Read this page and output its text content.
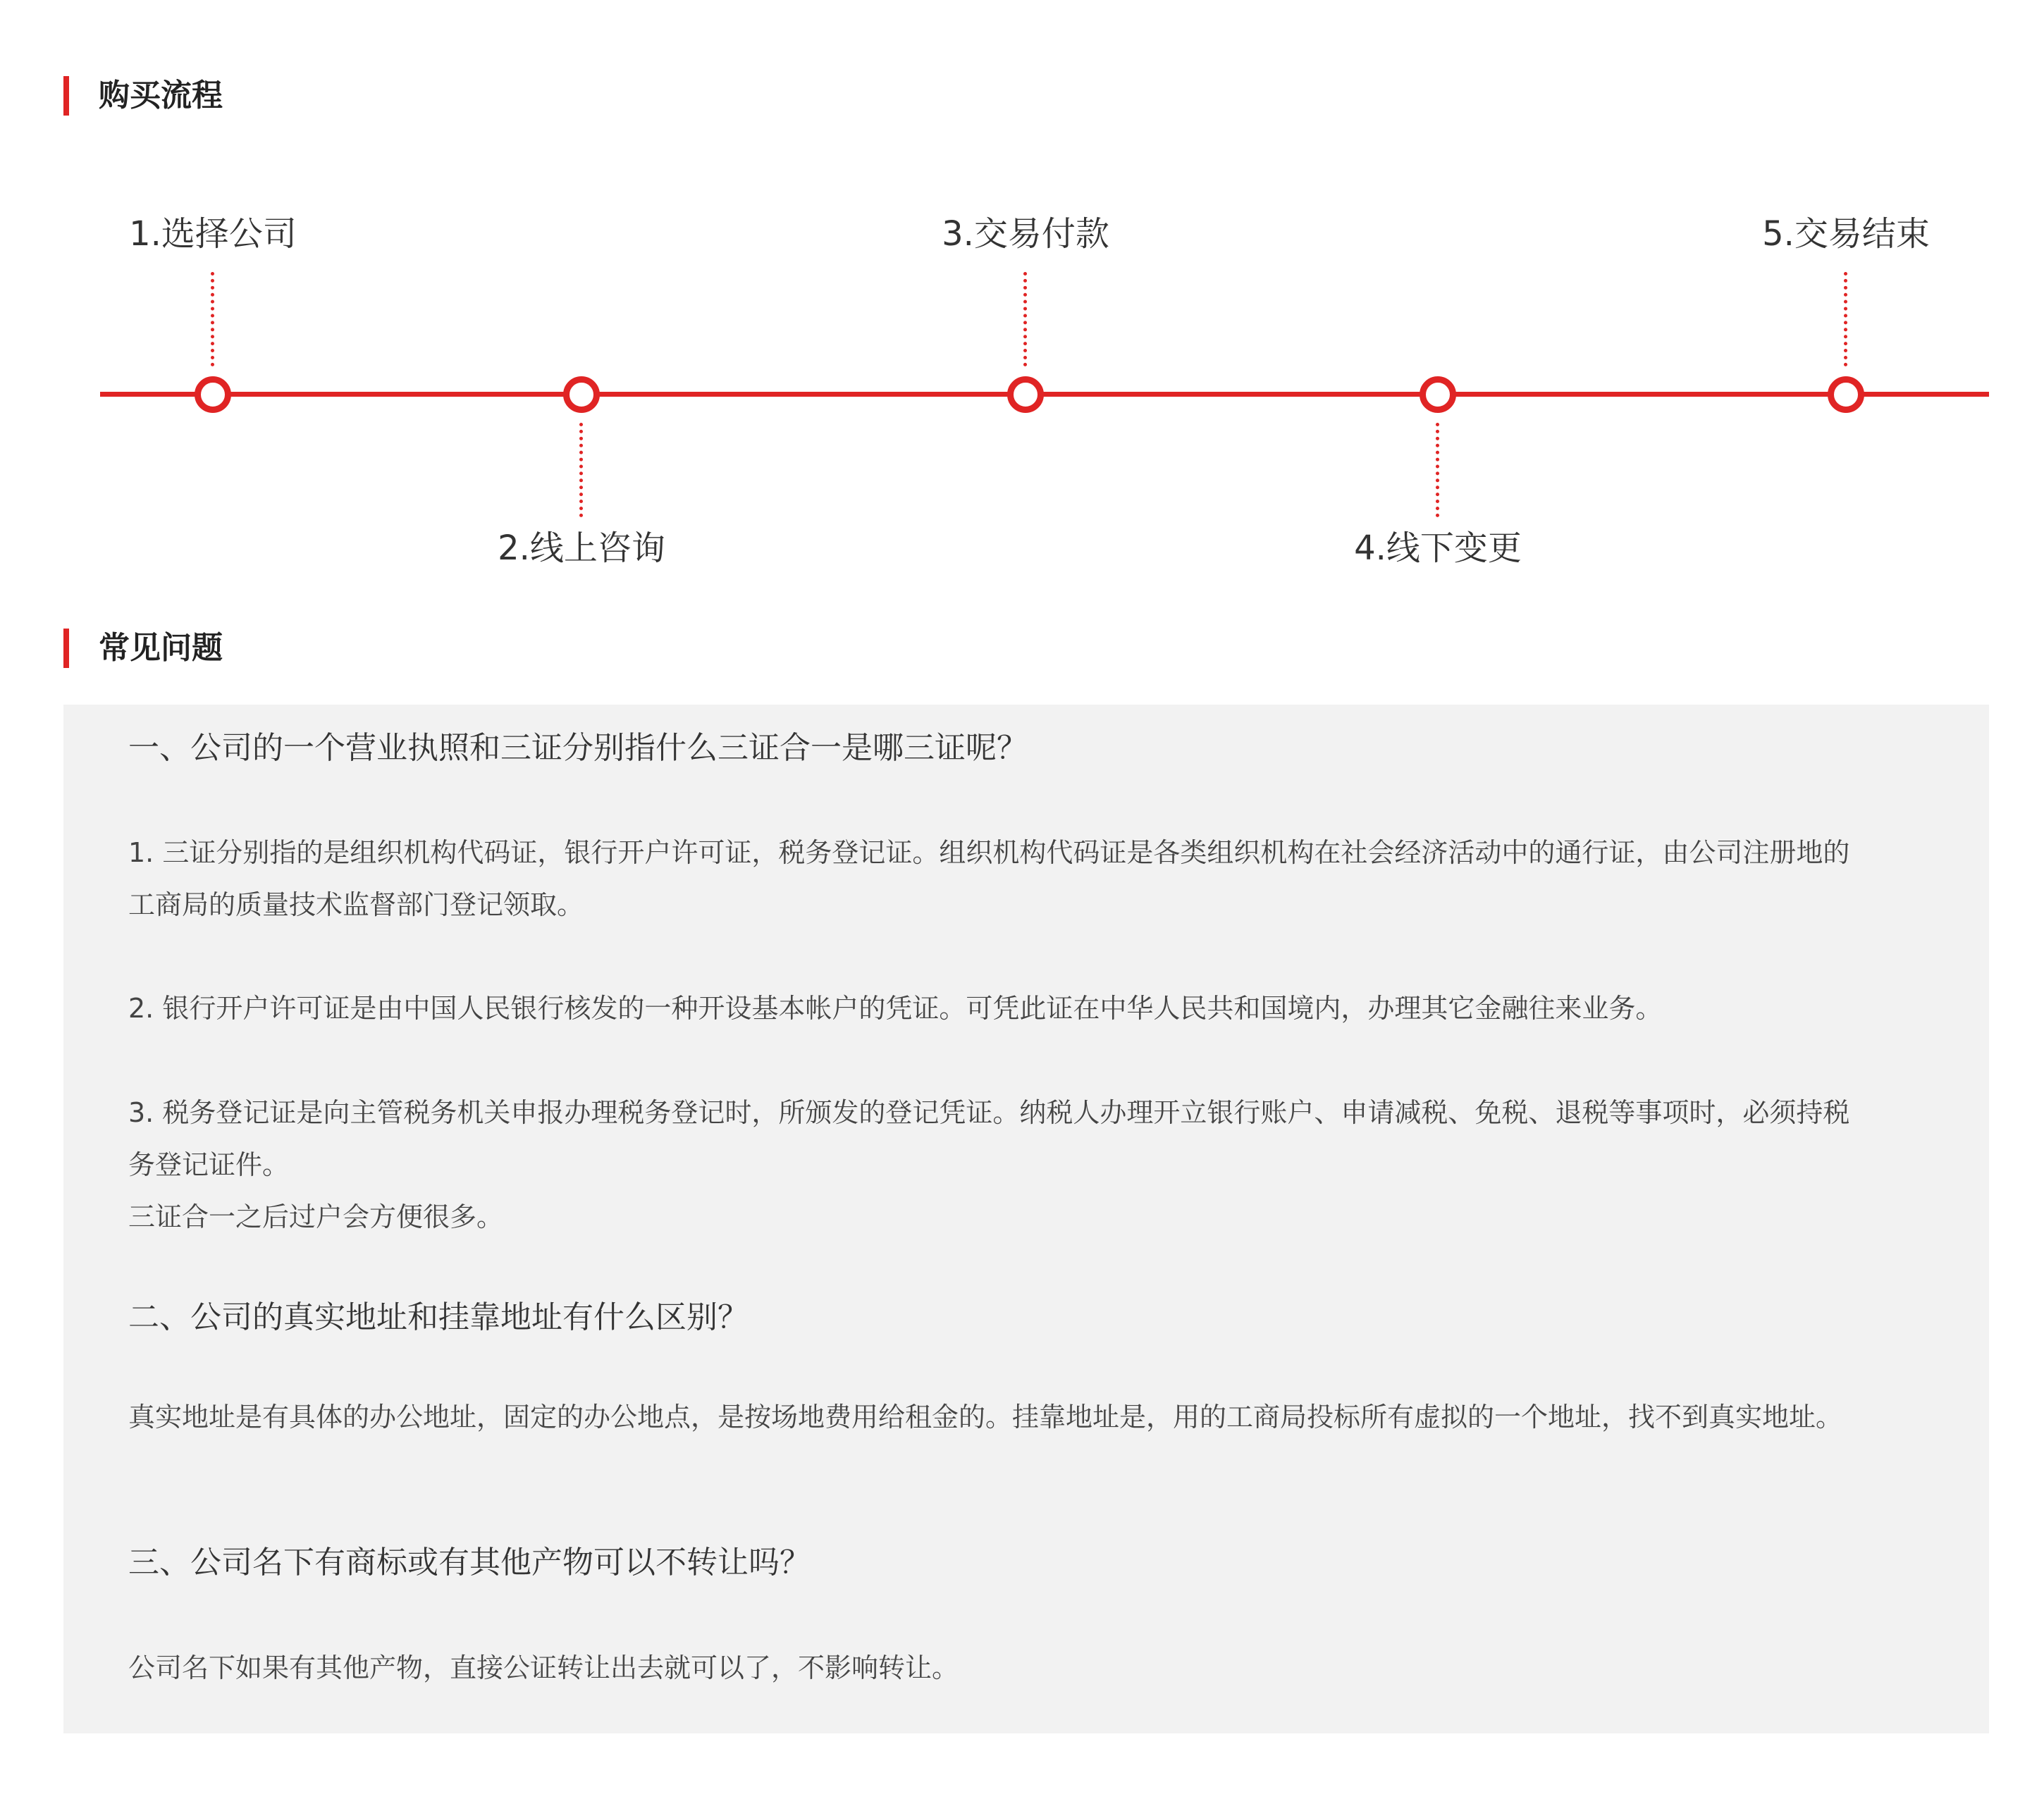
购买流程
1.选择公司
2.线上咨询
3.交易付款
4.线下变更
5.交易结束
常见问题
一、公司的一个营业执照和三证分别指什么三证合一是哪三证呢？
1. 三证分别指的是组织机构代码证，银行开户许可证，税务登记证。组织机构代码证是各类组织机构在社会经济活动中的通行证，由公司注册地的
工商局的质量技术监督部门登记领取。
2. 银行开户许可证是由中国人民银行核发的一种开设基本帐户的凭证。可凭此证在中华人民共和国境内，办理其它金融往来业务。
3. 税务登记证是向主管税务机关申报办理税务登记时，所颁发的登记凭证。纳税人办理开立银行账户、申请减税、免税、退税等事项时，必须持税
务登记证件。
三证合一之后过户会方便很多。
二、公司的真实地址和挂靠地址有什么区别？
真实地址是有具体的办公地址，固定的办公地点，是按场地费用给租金的。挂靠地址是，用的工商局投标所有虚拟的一个地址，找不到真实地址。
三、公司名下有商标或有其他产物可以不转让吗？
公司名下如果有其他产物，直接公证转让出去就可以了，不影响转让。
